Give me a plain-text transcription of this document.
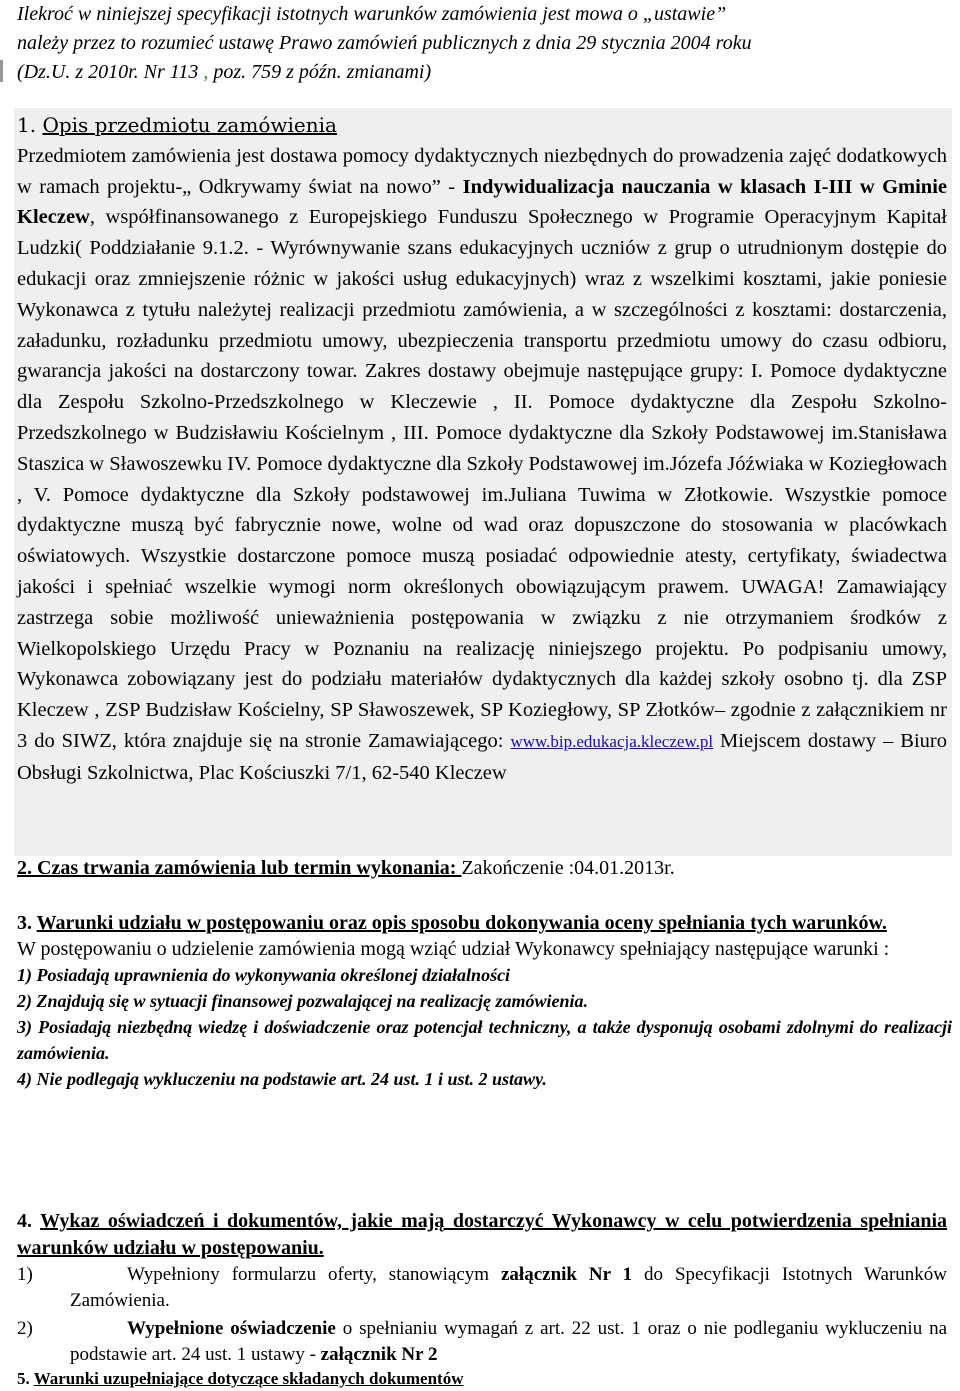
Ilekroć w niniejszej specyfikacji istotnych warunków zamówienia jest mowa o „ustawie”
należy przez to rozumieć ustawę Prawo zamówień publicznych z dnia 29 stycznia 2004 roku
(Dz.U. z 2010r. Nr 113 , poz. 759 z późn. zmianami)
1. Opis przedmiotu zamówienia

Przedmiotem zamówienia jest dostawa pomocy dydaktycznych niezbędnych do prowadzenia zajęć dodatkowych w ramach projektu-„ Odkrywamy świat na nowo” - Indywidualizacja nauczania w klasach I-III w Gminie Kleczew, współfinansowanego z Europejskiego Funduszu Społecznego w Programie Operacyjnym Kapitał Ludzki( Poddziałanie 9.1.2. - Wyrównywanie szans edukacyjnych uczniów z grup o utrudnionym dostępie do edukacji oraz zmniejszenie różnic w jakości usług edukacyjnych) wraz z wszelkimi kosztami, jakie poniesie Wykonawca z tytułu należytej realizacji przedmiotu zamówienia, a w szczególności z kosztami: dostarczenia, załadunku, rozładunku przedmiotu umowy, ubezpieczenia transportu przedmiotu umowy do czasu odbioru, gwarancja jakości na dostarczony towar. Zakres dostawy obejmuje następujące grupy: I. Pomoce dydaktyczne dla Zespołu Szkolno-Przedszkolnego w Kleczewie , II. Pomoce dydaktyczne dla Zespołu Szkolno-Przedszkolnego w Budzisławiu Kościelnym , III. Pomoce dydaktyczne dla Szkoły Podstawowej im.Stanisława Staszica w Sławoszewku IV. Pomoce dydaktyczne dla Szkoły Podstawowej im.Józefa Jóźwiaka w Koziegłowach , V. Pomoce dydaktyczne dla Szkoły podstawowej im.Juliana Tuwima w Złotkowie. Wszystkie pomoce dydaktyczne muszą być fabrycznie nowe, wolne od wad oraz dopuszczone do stosowania w placówkach oświatowych. Wszystkie dostarczone pomoce muszą posiadać odpowiednie atesty, certyfikaty, świadectwa jakości i spełniać wszelkie wymogi norm określonych obowiązującym prawem. UWAGA! Zamawiający zastrzega sobie możliwość unieważnienia postępowania w związku z nie otrzymaniem środków z Wielkopolskiego Urzędu Pracy w Poznaniu na realizację niniejszego projektu. Po podpisaniu umowy, Wykonawca zobowiązany jest do podziału materiałów dydaktycznych dla każdej szkoły osobno tj. dla ZSP Kleczew , ZSP Budzisław Kościelny, SP Sławoszewek, SP Koziegłowy, SP Złotków– zgodnie z załącznikiem nr 3 do SIWZ, która znajduje się na stronie Zamawiającego: www.bip.edukacja.kleczew.pl Miejscem dostawy – Biuro Obsługi Szkolnictwa, Plac Kościuszki 7/1, 62-540 Kleczew

2. Czas trwania zamówienia lub termin wykonania: Zakończenie :04.01.2013r.
3. Warunki udziału w postępowaniu oraz opis sposobu dokonywania oceny spełniania tych warunków.
W postępowaniu o udzielenie zamówienia mogą wziąć udział Wykonawcy spełniający następujące warunki :
1) Posiadają uprawnienia do wykonywania określonej działalności
2) Znajdują się w sytuacji finansowej pozwalającej na realizację zamówienia.
3) Posiadają niezbędną wiedzę i doświadczenie oraz potencjał techniczny, a także dysponują osobami zdolnymi do realizacji zamówienia.
4) Nie podlegają wykluczeniu na podstawie art. 24 ust. 1 i ust. 2 ustawy.
4. Wykaz oświadczeń i dokumentów, jakie mają dostarczyć Wykonawcy w celu potwierdzenia spełniania warunków udziału w postępowaniu.
1)	Wypełniony formularzu oferty, stanowiącym załącznik Nr 1 do Specyfikacji Istotnych Warunków Zamówienia.
2)	Wypełnione oświadczenie o spełnianiu wymagań z art. 22 ust. 1 oraz o nie podleganiu wykluczeniu na podstawie art. 24 ust. 1 ustawy - załącznik Nr 2
5. Warunki uzupełniające dotyczące składanych dokumentów
